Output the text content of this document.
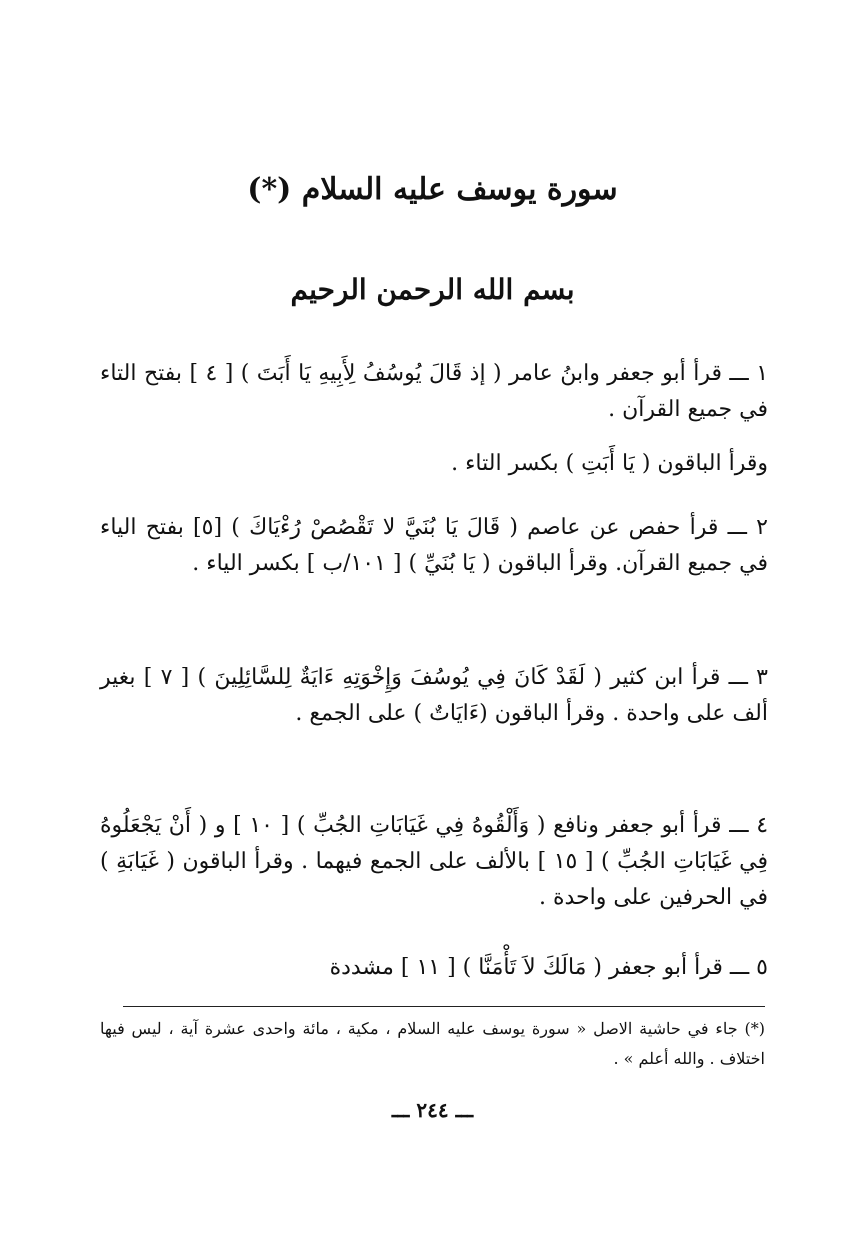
سورة يوسف عليه السلام (*)
بسم الله الرحمن الرحيم

١ ـــ قرأ أبو جعفر وابنُ عامر ( إذ قَالَ يُوسُفُ لِأَبِيهِ يَا أَبَتَ ) [ ٤ ] بفتح التاء في جميع القرآن .

وقرأ الباقون ( يَا أَبَتِ ) بكسر التاء .

٢ ـــ قرأ حفص عن عاصم ( قَالَ يَا بُنَيَّ لا تَقْصُصْ رُءْيَاكَ ) [٥] بفتح الياء في جميع القرآن. وقرأ الباقون ( يَا بُنَيِّ ) [ ١٠١/ب ] بكسر الياء .

٣ ـــ قرأ ابن كثير ( لَقَدْ كَانَ فِي يُوسُفَ وَإِخْوَتِهِ ءَايَةٌ لِلسَّائِلِينَ ) [ ٧ ] بغير ألف على واحدة . وقرأ الباقون (ءَايَاتٌ ) على الجمع .

٤ ـــ قرأ أبو جعفر ونافع ( وَأَلْقُوهُ فِي غَيَابَاتِ الجُبِّ ) [ ١٠ ] و ( أَنْ يَجْعَلُوهُ فِي غَيَابَاتِ الجُبِّ ) [ ١٥ ] بالألف على الجمع فيهما . وقرأ الباقون ( غَيَابَةِ ) في الحرفين على واحدة .

٥ ـــ قرأ أبو جعفر ( مَالَكَ لاَ تَأْمَنَّا ) [ ١١ ] مشددة

(*) جاء في حاشية الاصل « سورة يوسف عليه السلام ، مكية ، مائة واحدى عشرة آية ، ليس فيها اختلاف . والله أعلم » .

ـــ ٢٤٤ ـــ
